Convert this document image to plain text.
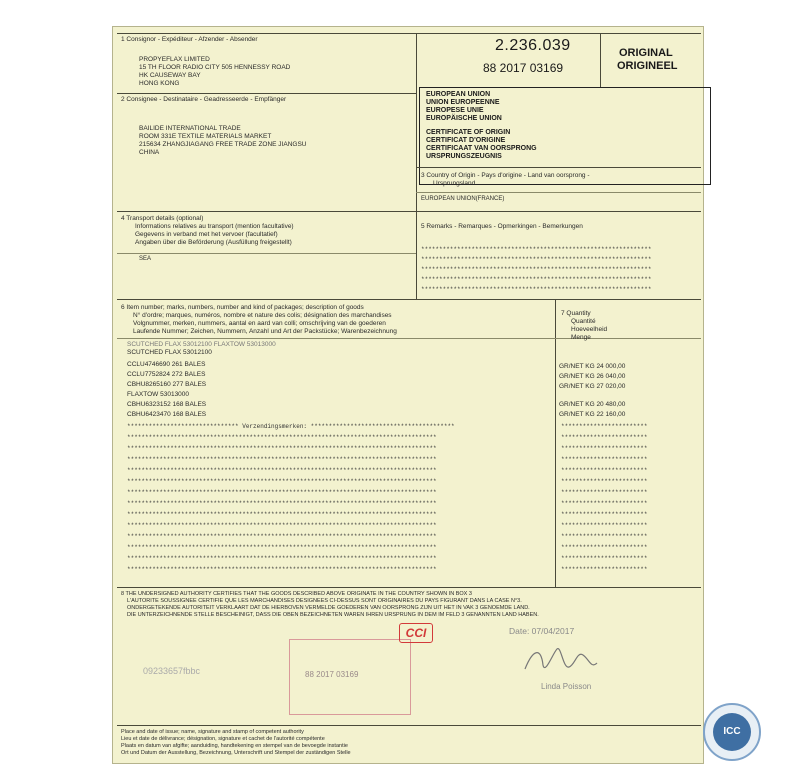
1 Consignor - Expéditeur - Afzender - Absender
PROPYEFLAX LIMITED
15 TH FLOOR RADIO CITY 505 HENNESSY ROAD
HK CAUSEWAY BAY
HONG KONG
2.236.039
88 2017 03169
ORIGINAL
ORIGINEEL
2 Consignee - Destinataire - Geadresseerde - Empfänger
BAILIDE INTERNATIONAL TRADE
ROOM 331E TEXTILE MATERIALS MARKET
215634 ZHANGJIAGANG FREE TRADE ZONE JIANGSU
CHINA
EUROPEAN UNION
UNION EUROPEENNE
EUROPESE UNIE
EUROPÄISCHE UNION
CERTIFICATE OF ORIGIN
CERTIFICAT D'ORIGINE
CERTIFICAAT VAN OORSPRONG
URSPRUNGSZEUGNIS
3 Country of Origin - Pays d'origine - Land van oorsprong -
Ursprungsland
EUROPEAN UNION(FRANCE)
4 Transport details (optional)
Informations relatives au transport (mention facultative)
Gegevens in verband met het vervoer (facultatief)
Angaben über die Beförderung (Ausfüllung freigestellt)
SEA
5 Remarks - Remarques - Opmerkingen - Bemerkungen
****************************************************************
****************************************************************
****************************************************************
****************************************************************
****************************************************************
6 Item number; marks, numbers, number and kind of packages; description of goods
N° d'ordre; marques, numéros, nombre et nature des colis; désignation des marchandises
Volgnummer, merken, nummers, aantal en aard van colli; omschrijving van de goederen
Laufende Nummer; Zeichen, Nummern, Anzahl und Art der Packstücke; Warenbezeichnung
SCUTCHED FLAX 53012100 FLAXTOW 53013000
SCUTCHED FLAX 53012100
CCLU4746690 261 BALES
CCLU7752824 272 BALES
CBHU8265160 277 BALES
FLAXTOW 53013000
CBHU6323152 168 BALES
CBHU6423470 168 BALES
******************************* Verzendingsmerken: ****************************************
**************************************************************************************
**************************************************************************************
**************************************************************************************
**************************************************************************************
**************************************************************************************
**************************************************************************************
**************************************************************************************
**************************************************************************************
**************************************************************************************
**************************************************************************************
**************************************************************************************
**************************************************************************************
**************************************************************************************
7 Quantity
Quantité
Hoeveelheid
Menge
GR/NET KG 24 000,00
GR/NET KG 26 040,00
GR/NET KG 27 020,00
GR/NET KG 20 480,00
GR/NET KG 22 160,00
************************
************************
************************
************************
************************
************************
************************
************************
************************
************************
************************
************************
************************
************************
8 THE UNDERSIGNED AUTHORITY CERTIFIES THAT THE GOODS DESCRIBED ABOVE ORIGINATE IN THE COUNTRY SHOWN IN BOX 3
L'AUTORITE SOUSSIGNEE CERTIFIE QUE LES MARCHANDISES DESIGNEES CI-DESSUS SONT ORIGINAIRES DU PAYS FIGURANT DANS LA CASE N°3.
ONDERGETEKENDE AUTORITEIT VERKLAART DAT DE HIERBOVEN VERMELDE GOEDEREN VAN OORSPRONG ZIJN UIT HET IN VAK 3 GENOEMDE LAND.
DIE UNTERZEICHNENDE STELLE BESCHEINIGT, DASS DIE OBEN BEZEICHNETEN WAREN IHREN URSPRUNG IN DEM IM FELD 3 GENANNTEN LAND HABEN.
88 2017 03169
09233657fbbc
CCI	Date: 07/04/2017
Linda Poisson
ICC
Place and date of issue; name, signature and stamp of competent authority
Lieu et date de délivrance; désignation, signature et cachet de l'autorité compétente
Plaats en datum van afgifte; aanduiding, handtekening en stempel van de bevoegde instantie
Ort und Datum der Ausstellung, Bezeichnung, Unterschrift und Stempel der zuständigen Stelle
